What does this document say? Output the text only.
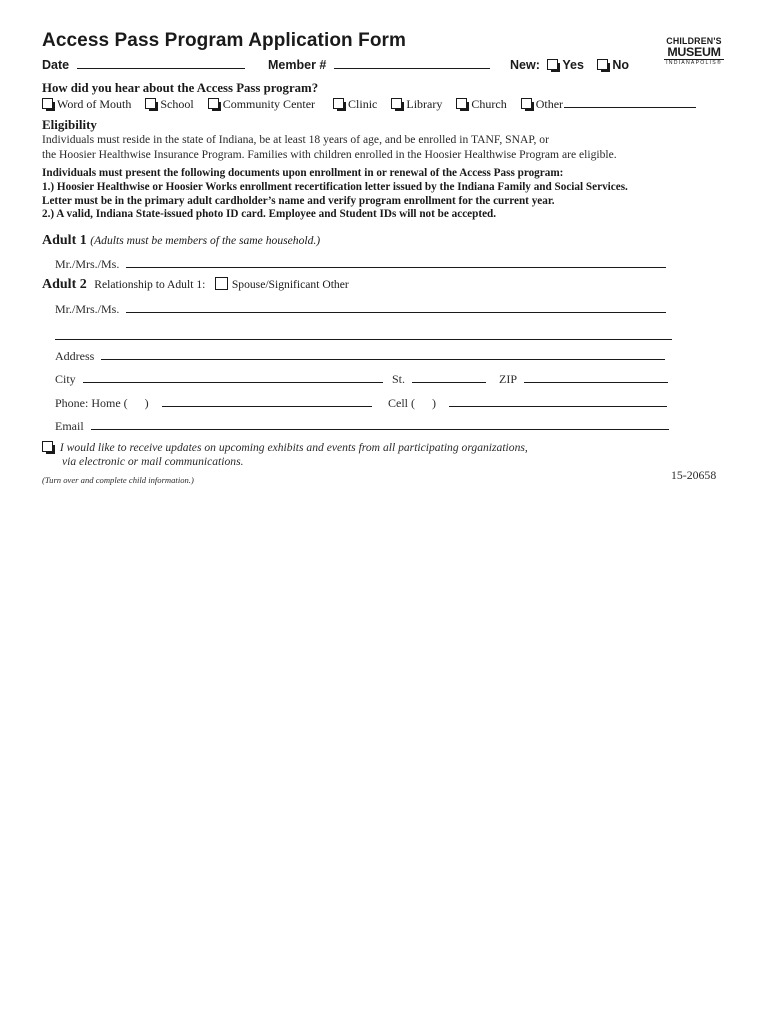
Access Pass Program Application Form	CHILDREN'S
MUSEUM
INDIANAPOLIS®
Date	Member #	New: Yes No
How did you hear about the Access Pass program?
Word of Mouth School Community Center	Clinic Library Church Other
Eligibility
Individuals must reside in the state of Indiana, be at least 18 years of age, and be enrolled in TANF, SNAP, or
the Hoosier Healthwise Insurance Program. Families with children enrolled in the Hoosier Healthwise Program are eligible.
Individuals must present the following documents upon enrollment in or renewal of the Access Pass program:
1.) Hoosier Healthwise or Hoosier Works enrollment recertification letter issued by the Indiana Family and Social Services.
Letter must be in the primary adult cardholder’s name and verify program enrollment for the current year.
2.) A valid, Indiana State-issued photo ID card. Employee and Student IDs will not be accepted.
Adult 1 (Adults must be members of the same household.)
Mr./Mrs./Ms.
Adult 2 Relationship to Adult 1: Spouse/Significant Other
Mr./Mrs./Ms.
Address
City	St.	ZIP
Phone: Home ( )	Cell ( )
Email
I would like to receive updates on upcoming exhibits and events from all participating organizations,
via electronic or mail communications.
(Turn over and complete child information.)	15-20658
